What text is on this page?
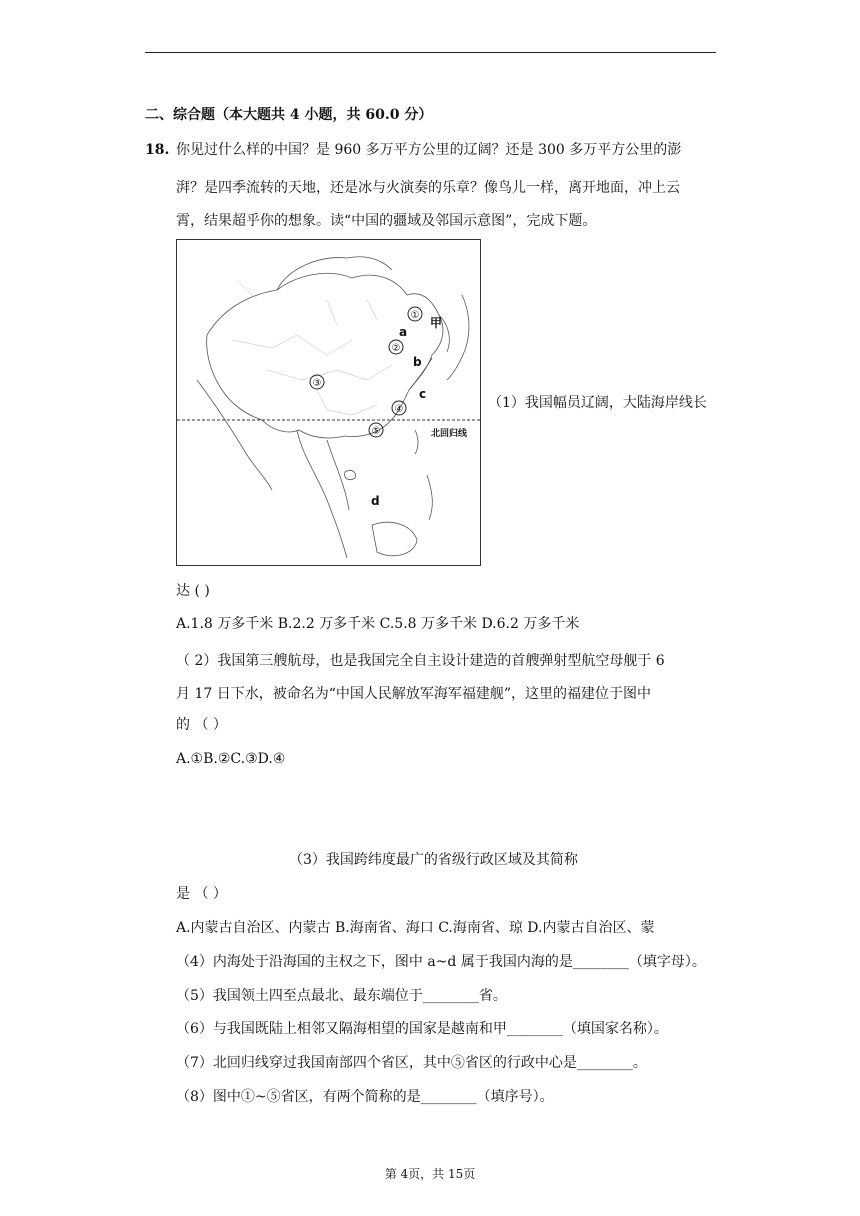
二、综合题（本大题共 4 小题，共 60.0 分）
18. 你见过什么样的中国？是 960 多万平方公里的辽阔？还是 300 多万平方公里的澎
湃？是四季流转的天地，还是冰与火演奏的乐章？像鸟儿一样，离开地面，冲上云
霄，结果超乎你的想象。读“中国的疆域及邻国示意图”，完成下题。
①
②
③
④
⑤
甲
a
b
c
d
北回归线
（1）我国幅员辽阔，大陆海岸线长
达 ( )
A.1.8 万多千米 B.2.2 万多千米 C.5.8 万多千米 D.6.2 万多千米
（ 2）我国第三艘航母，也是我国完全自主设计建造的首艘弹射型航空母舰于 6
月 17 日下水，被命名为“中国人民解放军海军福建舰”，这里的福建位于图中
的 （ ）
A.①B.②C.③D.④
（3）我国跨纬度最广的省级行政区域及其简称
是 （ ）
A.内蒙古自治区、内蒙古 B.海南省、海口 C.海南省、琼 D.内蒙古自治区、蒙
（4）内海处于沿海国的主权之下，图中 a~d 属于我国内海的是________（填字母）。
（5）我国领土四至点最北、最东端位于________省。
（6）与我国既陆上相邻又隔海相望的国家是越南和甲________（填国家名称）。
（7）北回归线穿过我国南部四个省区，其中⑤省区的行政中心是________。
（8）图中①~⑤省区，有两个简称的是________（填序号）。
第 4页，共 15页
